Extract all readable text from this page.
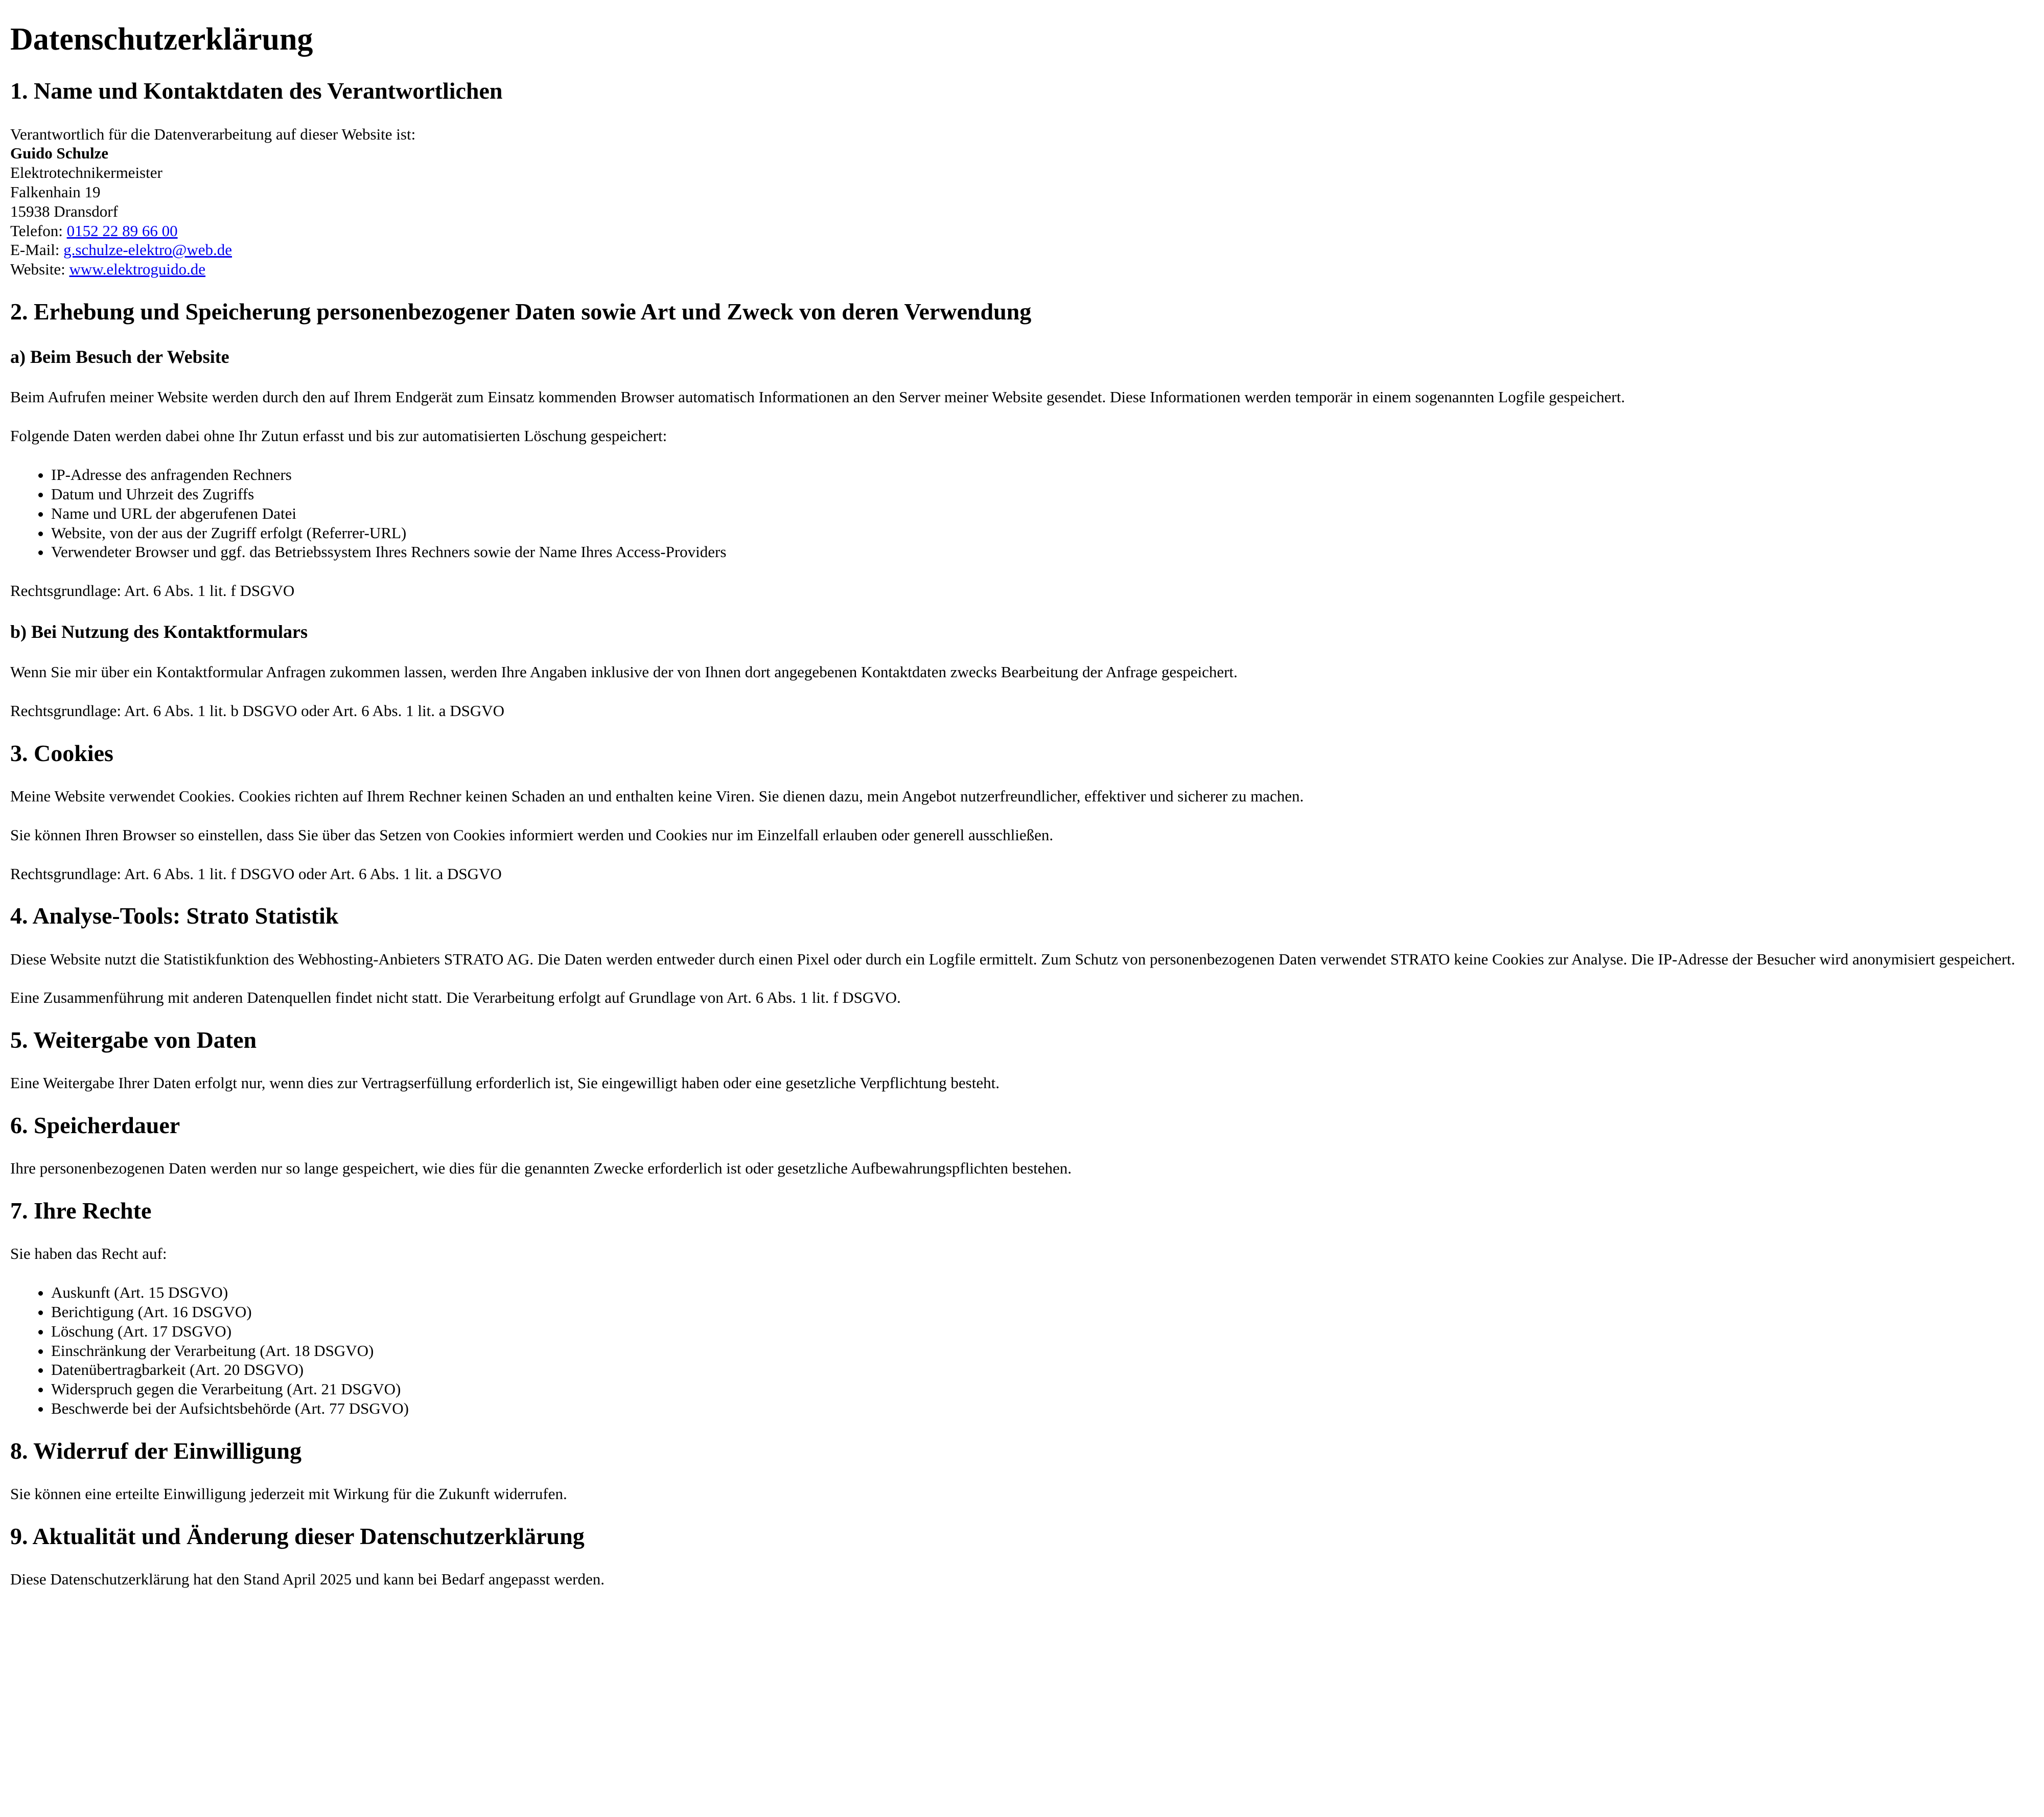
Datenschutzerklärung
1. Name und Kontaktdaten des Verantwortlichen

Verantwortlich für die Datenverarbeitung auf dieser Website ist:
Guido Schulze
Elektrotechnikermeister
Falkenhain 19
15938 Dransdorf
Telefon: 0152 22 89 66 00
E-Mail: g.schulze-elektro@web.de
Website: www.elektroguido.de

2. Erhebung und Speicherung personenbezogener Daten sowie Art und Zweck von deren Verwendung
a) Beim Besuch der Website

Beim Aufrufen meiner Website werden durch den auf Ihrem Endgerät zum Einsatz kommenden Browser automatisch Informationen an den Server meiner Website gesendet. Diese Informationen werden temporär in einem sogenannten Logfile gespeichert.

Folgende Daten werden dabei ohne Ihr Zutun erfasst und bis zur automatisierten Löschung gespeichert:

• IP-Adresse des anfragenden Rechners
• Datum und Uhrzeit des Zugriffs
• Name und URL der abgerufenen Datei
• Website, von der aus der Zugriff erfolgt (Referrer-URL)
• Verwendeter Browser und ggf. das Betriebssystem Ihres Rechners sowie der Name Ihres Access-Providers

Rechtsgrundlage: Art. 6 Abs. 1 lit. f DSGVO

b) Bei Nutzung des Kontaktformulars

Wenn Sie mir über ein Kontaktformular Anfragen zukommen lassen, werden Ihre Angaben inklusive der von Ihnen dort angegebenen Kontaktdaten zwecks Bearbeitung der Anfrage gespeichert.

Rechtsgrundlage: Art. 6 Abs. 1 lit. b DSGVO oder Art. 6 Abs. 1 lit. a DSGVO

3. Cookies

Meine Website verwendet Cookies. Cookies richten auf Ihrem Rechner keinen Schaden an und enthalten keine Viren. Sie dienen dazu, mein Angebot nutzerfreundlicher, effektiver und sicherer zu machen.

Sie können Ihren Browser so einstellen, dass Sie über das Setzen von Cookies informiert werden und Cookies nur im Einzelfall erlauben oder generell ausschließen.

Rechtsgrundlage: Art. 6 Abs. 1 lit. f DSGVO oder Art. 6 Abs. 1 lit. a DSGVO

4. Analyse-Tools: Strato Statistik

Diese Website nutzt die Statistikfunktion des Webhosting-Anbieters STRATO AG. Die Daten werden entweder durch einen Pixel oder durch ein Logfile ermittelt. Zum Schutz von personenbezogenen Daten verwendet STRATO keine Cookies zur Analyse. Die IP-Adresse der Besucher wird anonymisiert gespeichert.

Eine Zusammenführung mit anderen Datenquellen findet nicht statt. Die Verarbeitung erfolgt auf Grundlage von Art. 6 Abs. 1 lit. f DSGVO.

5. Weitergabe von Daten

Eine Weitergabe Ihrer Daten erfolgt nur, wenn dies zur Vertragserfüllung erforderlich ist, Sie eingewilligt haben oder eine gesetzliche Verpflichtung besteht.

6. Speicherdauer

Ihre personenbezogenen Daten werden nur so lange gespeichert, wie dies für die genannten Zwecke erforderlich ist oder gesetzliche Aufbewahrungspflichten bestehen.

7. Ihre Rechte

Sie haben das Recht auf:

• Auskunft (Art. 15 DSGVO)
• Berichtigung (Art. 16 DSGVO)
• Löschung (Art. 17 DSGVO)
• Einschränkung der Verarbeitung (Art. 18 DSGVO)
• Datenübertragbarkeit (Art. 20 DSGVO)
• Widerspruch gegen die Verarbeitung (Art. 21 DSGVO)
• Beschwerde bei der Aufsichtsbehörde (Art. 77 DSGVO)
8. Widerruf der Einwilligung

Sie können eine erteilte Einwilligung jederzeit mit Wirkung für die Zukunft widerrufen.

9. Aktualität und Änderung dieser Datenschutzerklärung

Diese Datenschutzerklärung hat den Stand April 2025 und kann bei Bedarf angepasst werden.
